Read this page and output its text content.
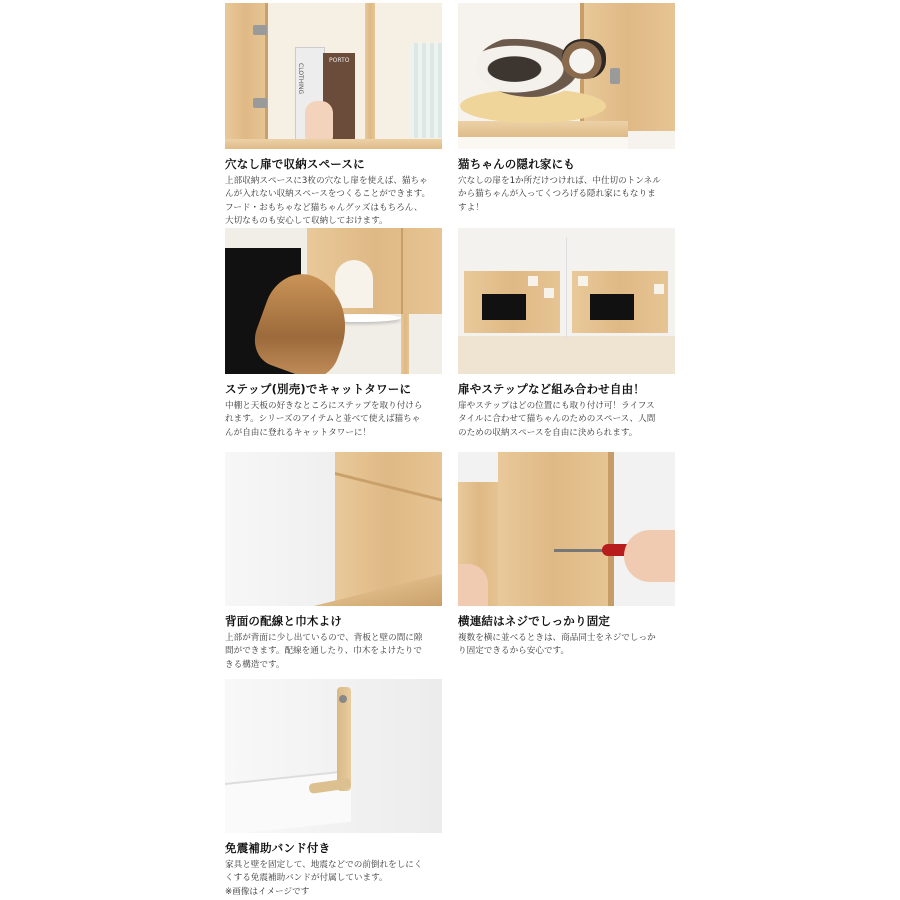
CLOTHING
PORTO
穴なし扉で収納スペースに
上部収納スペースに3枚の穴なし扉を使えば、猫ちゃ
んが入れない収納スペースをつくることができます。
フード・おもちゃなど猫ちゃんグッズはもちろん、
大切なものも安心して収納しておけます。
猫ちゃんの隠れ家にも
穴なしの扉を1か所だけつければ、中仕切のトンネル
から猫ちゃんが入ってくつろげる隠れ家にもなりま
すよ！
ステップ(別売)でキャットタワーに
中棚と天板の好きなところにステップを取り付けら
れます。シリーズのアイテムと並べて使えば猫ちゃ
んが自由に登れるキャットタワーに！
扉やステップなど組み合わせ自由！
扉やステップはどの位置にも取り付け可！ライフス
タイルに合わせて猫ちゃんのためのスペース、人間
のための収納スペースを自由に決められます。
背面の配線と巾木よけ
上部が背面に少し出ているので、背板と壁の間に隙
間ができます。配線を通したり、巾木をよけたりで
きる構造です。
横連結はネジでしっかり固定
複数を横に並べるときは、商品同士をネジでしっか
り固定できるから安心です。
免震補助バンド付き
家具と壁を固定して、地震などでの前倒れをしにく
くする免震補助バンドが付属しています。
※画像はイメージです
